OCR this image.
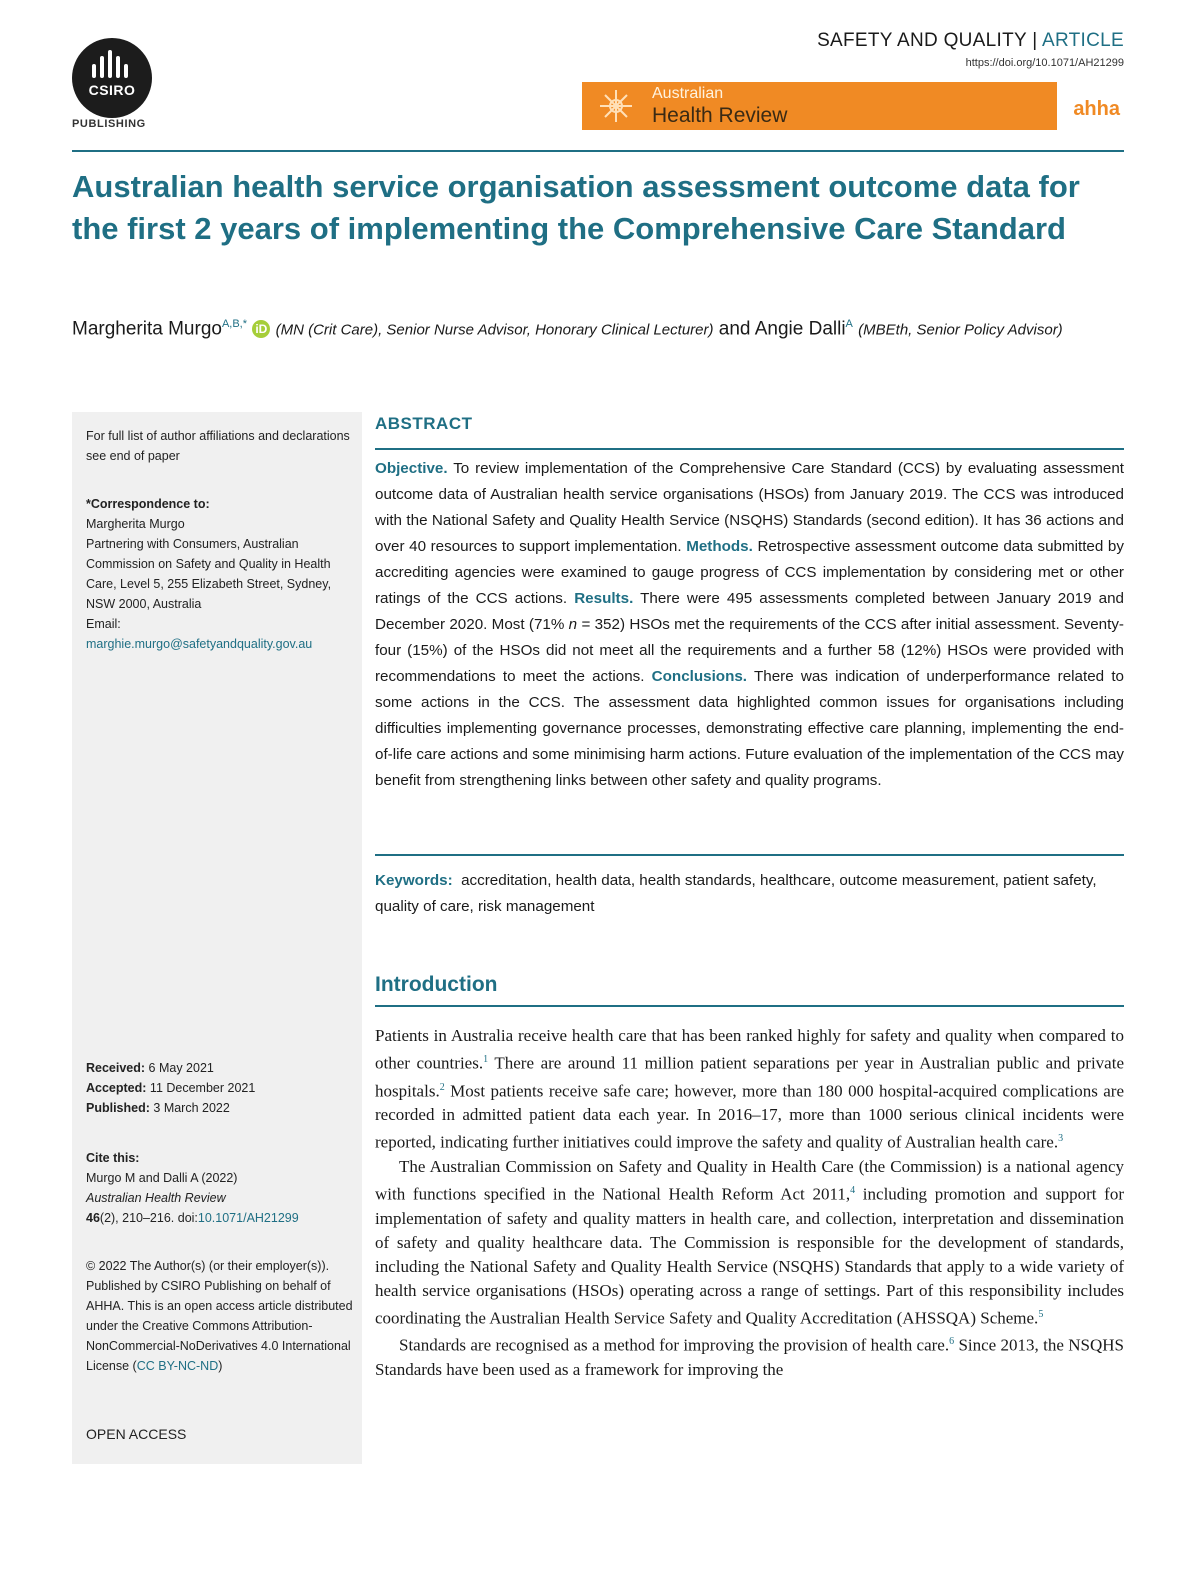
CSIRO
PUBLISHING
SAFETY AND QUALITY | ARTICLE
https://doi.org/10.1071/AH21299
Australian
Health Review	ahha
Australian health service organisation assessment outcome data for the first 2 years of implementing the Comprehensive Care Standard
Margherita Murgo$^{A,B,*}$ iD (MN (Crit Care), Senior Nurse Advisor, Honorary Clinical Lecturer) and Angie Dalli$^A$ (MBEth, Senior Policy Advisor)
For full list of author affiliations and declarations see end of paper
*Correspondence to:
Margherita Murgo
Partnering with Consumers, Australian Commission on Safety and Quality in Health Care, Level 5, 255 Elizabeth Street, Sydney, NSW 2000, Australia
Email:
marghie.murgo@safetyandquality.gov.au
Received: 6 May 2021
Accepted: 11 December 2021
Published: 3 March 2022
Cite this:
Murgo M and Dalli A (2022)
Australian Health Review
46(2), 210–216. doi:10.1071/AH21299
© 2022 The Author(s) (or their employer(s)). Published by CSIRO Publishing on behalf of AHHA. This is an open access article distributed under the Creative Commons Attribution-NonCommercial-NoDerivatives 4.0 International License (CC BY-NC-ND)
OPEN ACCESS
ABSTRACT
Objective. To review implementation of the Comprehensive Care Standard (CCS) by evaluating assessment outcome data of Australian health service organisations (HSOs) from January 2019. The CCS was introduced with the National Safety and Quality Health Service (NSQHS) Standards (second edition). It has 36 actions and over 40 resources to support implementation. Methods. Retrospective assessment outcome data submitted by accrediting agencies were examined to gauge progress of CCS implementation by considering met or other ratings of the CCS actions. Results. There were 495 assessments completed between January 2019 and December 2020. Most (71% n = 352) HSOs met the requirements of the CCS after initial assessment. Seventy-four (15%) of the HSOs did not meet all the requirements and a further 58 (12%) HSOs were provided with recommendations to meet the actions. Conclusions. There was indication of underperformance related to some actions in the CCS. The assessment data highlighted common issues for organisations including difficulties implementing governance processes, demonstrating effective care planning, implementing the end-of-life care actions and some minimising harm actions. Future evaluation of the implementation of the CCS may benefit from strengthening links between other safety and quality programs.
Keywords: accreditation, health data, health standards, healthcare, outcome measurement, patient safety, quality of care, risk management
Introduction

Patients in Australia receive health care that has been ranked highly for safety and quality when compared to other countries.$^1$ There are around 11 million patient separations per year in Australian public and private hospitals.$^2$ Most patients receive safe care; however, more than 180 000 hospital-acquired complications are recorded in admitted patient data each year. In 2016–17, more than 1000 serious clinical incidents were reported, indicating further initiatives could improve the safety and quality of Australian health care.$^3$

The Australian Commission on Safety and Quality in Health Care (the Commission) is a national agency with functions specified in the National Health Reform Act 2011,$^4$ including promotion and support for implementation of safety and quality matters in health care, and collection, interpretation and dissemination of safety and quality healthcare data. The Commission is responsible for the development of standards, including the National Safety and Quality Health Service (NSQHS) Standards that apply to a wide variety of health service organisations (HSOs) operating across a range of settings. Part of this responsibility includes coordinating the Australian Health Service Safety and Quality Accreditation (AHSSQA) Scheme.$^5$

Standards are recognised as a method for improving the provision of health care.$^6$ Since 2013, the NSQHS Standards have been used as a framework for improving the
